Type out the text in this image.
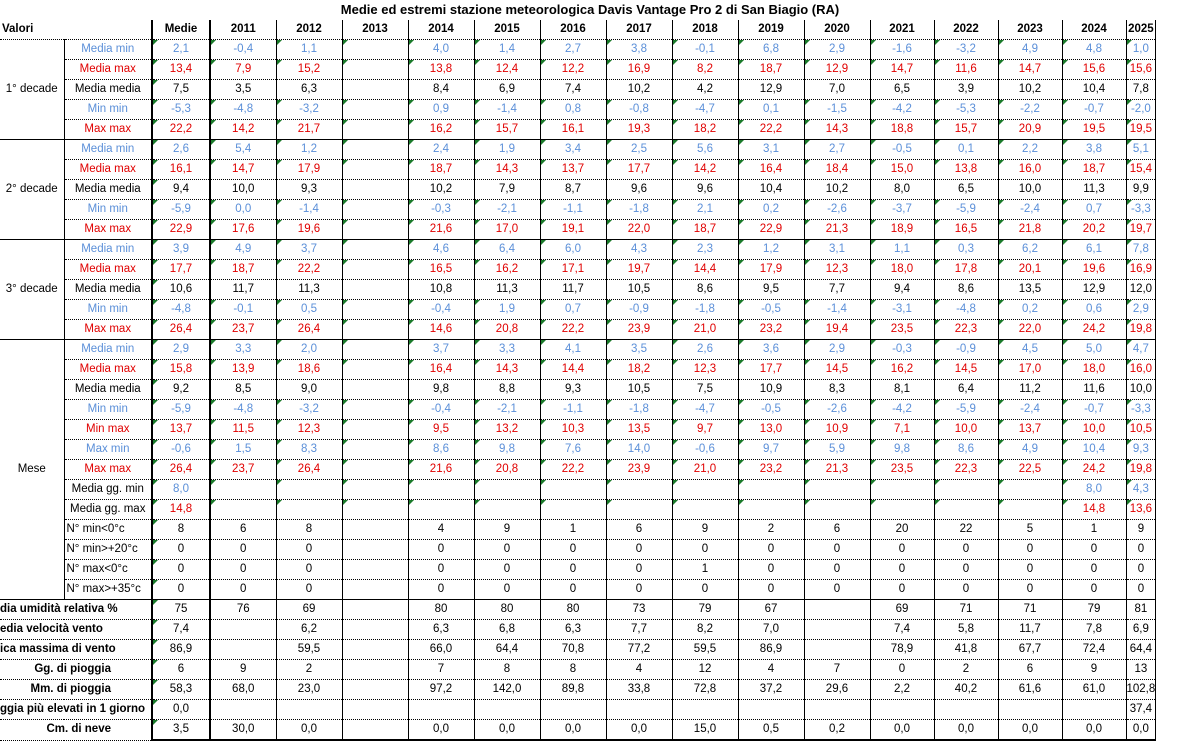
Medie ed estremi stazione meteorologica Davis Vantage Pro 2 di San Biagio (RA)
Valori		Medie	2011	2012	2013	2014	2015	2016	2017	2018	2019	2020	2021	2022	2023	2024	2025
1° decade	Media min	2,1	-0,4	1,1		4,0	1,4	2,7	3,8	-0,1	6,8	2,9	-1,6	-3,2	4,9	4,8	1,0
	Media max	13,4	7,9	15,2		13,8	12,4	12,2	16,9	8,2	18,7	12,9	14,7	11,6	14,7	15,6	15,6
	Media media	7,5	3,5	6,3		8,4	6,9	7,4	10,2	4,2	12,9	7,0	6,5	3,9	10,2	10,4	7,8
	Min min	-5,3	-4,8	-3,2		0,9	-1,4	0,8	-0,8	-4,7	0,1	-1,5	-4,2	-5,3	-2,2	-0,7	-2,0
	Max max	22,2	14,2	21,7		16,2	15,7	16,1	19,3	18,2	22,2	14,3	18,8	15,7	20,9	19,5	19,5
2° decade	Media min	2,6	5,4	1,2		2,4	1,9	3,4	2,5	5,6	3,1	2,7	-0,5	0,1	2,2	3,8	5,1
	Media max	16,1	14,7	17,9		18,7	14,3	13,7	17,7	14,2	16,4	18,4	15,0	13,8	16,0	18,7	15,4
	Media media	9,4	10,0	9,3		10,2	7,9	8,7	9,6	9,6	10,4	10,2	8,0	6,5	10,0	11,3	9,9
	Min min	-5,9	0,0	-1,4		-0,3	-2,1	-1,1	-1,8	2,1	0,2	-2,6	-3,7	-5,9	-2,4	0,7	-3,3
	Max max	22,9	17,6	19,6		21,6	17,0	19,1	22,0	18,7	22,9	21,3	18,9	16,5	21,8	20,2	19,7
3° decade	Media min	3,9	4,9	3,7		4,6	6,4	6,0	4,3	2,3	1,2	3,1	1,1	0,3	6,2	6,1	7,8
	Media max	17,7	18,7	22,2		16,5	16,2	17,1	19,7	14,4	17,9	12,3	18,0	17,8	20,1	19,6	16,9
	Media media	10,6	11,7	11,3		10,8	11,3	11,7	10,5	8,6	9,5	7,7	9,4	8,6	13,5	12,9	12,0
	Min min	-4,8	-0,1	0,5		-0,4	1,9	0,7	-0,9	-1,8	-0,5	-1,4	-3,1	-4,8	0,2	0,6	2,9
	Max max	26,4	23,7	26,4		14,6	20,8	22,2	23,9	21,0	23,2	19,4	23,5	22,3	22,0	24,2	19,8
Mese	Media min	2,9	3,3	2,0		3,7	3,3	4,1	3,5	2,6	3,6	2,9	-0,3	-0,9	4,5	5,0	4,7
	Media max	15,8	13,9	18,6		16,4	14,3	14,4	18,2	12,3	17,7	14,5	16,2	14,5	17,0	18,0	16,0
	Media media	9,2	8,5	9,0		9,8	8,8	9,3	10,5	7,5	10,9	8,3	8,1	6,4	11,2	11,6	10,0
	Min min	-5,9	-4,8	-3,2		-0,4	-2,1	-1,1	-1,8	-4,7	-0,5	-2,6	-4,2	-5,9	-2,4	-0,7	-3,3
	Min max	13,7	11,5	12,3		9,5	13,2	10,3	13,5	9,7	13,0	10,9	7,1	10,0	13,7	10,0	10,5
	Max min	-0,6	1,5	8,3		8,6	9,8	7,6	14,0	-0,6	9,7	5,9	9,8	8,6	4,9	10,4	9,3
	Max max	26,4	23,7	26,4		21,6	20,8	22,2	23,9	21,0	23,2	21,3	23,5	22,3	22,5	24,2	19,8
	Media gg. min	8,0														8,0	4,3
	Media gg. max	14,8														14,8	13,6
	N° min<0°c	8	6	8		4	9	1	6	9	2	6	20	22	5	1	9
	N° min>+20°c	0	0	0		0	0	0	0	0	0	0	0	0	0	0	0
	N° max<0°c	0	0	0		0	0	0	0	1	0	0	0	0	0	0	0
	N° max>+35°c	0	0	0		0	0	0	0	0	0	0	0	0	0	0	0
dia umidità relativa %		75	76	69		80	80	80	73	79	67		69	71	71	79	81
edia velocità vento		7,4		6,2		6,3	6,8	6,3	7,7	8,2	7,0		7,4	5,8	11,7	7,8	6,9
ica massima di vento		86,9		59,5		66,0	64,4	70,8	77,2	59,5	86,9		78,9	41,8	67,7	72,4	64,4
Gg. di pioggia		6	9	2		7	8	8	4	12	4	7	0	2	6	9	13
Mm. di pioggia		58,3	68,0	23,0		97,2	142,0	89,8	33,8	72,8	37,2	29,6	2,2	40,2	61,6	61,0	102,8
ggia più elevati in 1 giorno		0,0															37,4
Cm. di neve		3,5	30,0	0,0		0,0	0,0	0,0	0,0	15,0	0,5	0,2	0,0	0,0	0,0	0,0	0,0
